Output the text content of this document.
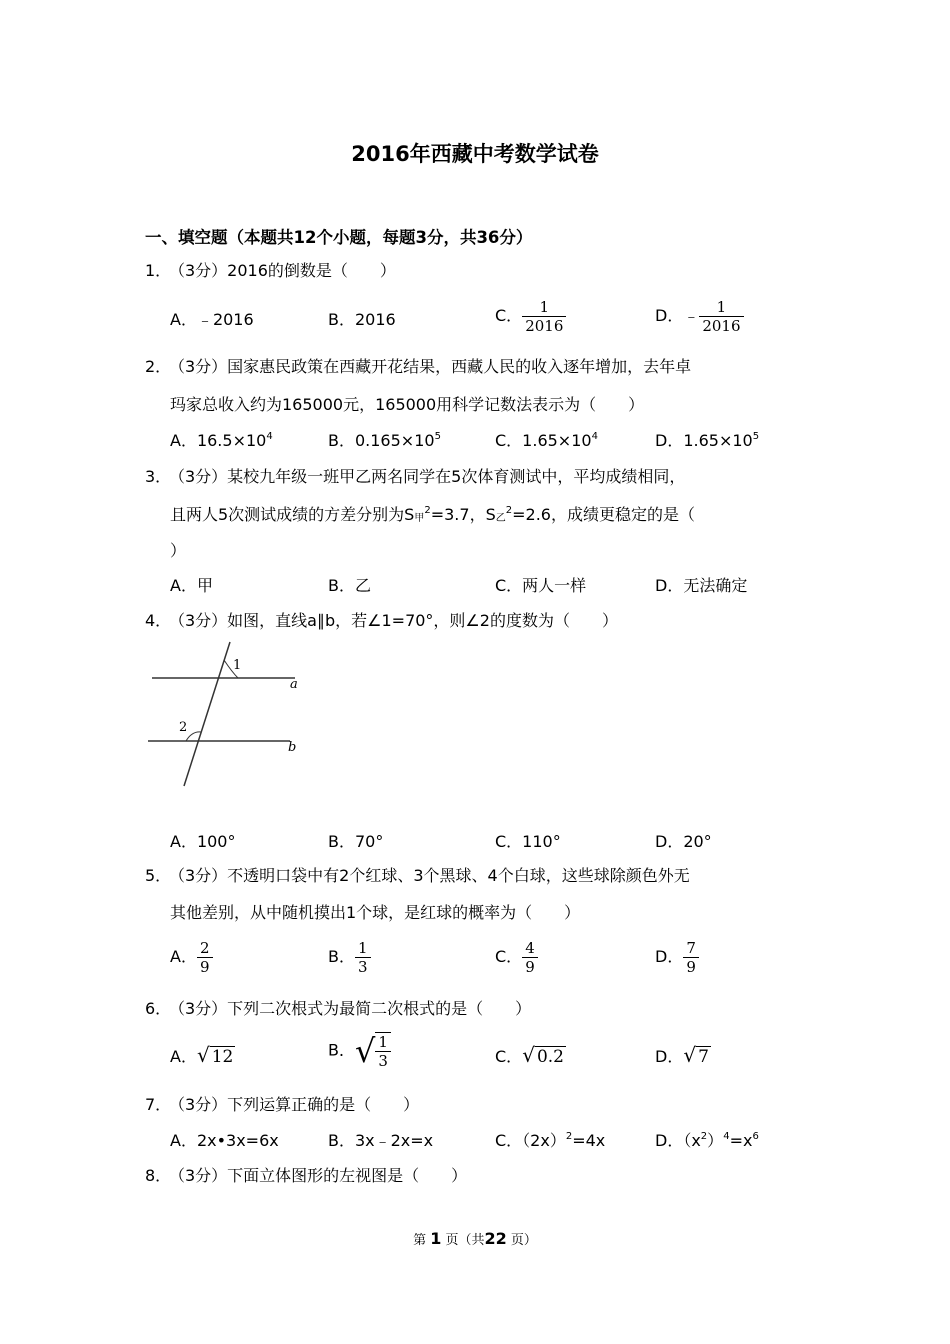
2016年西藏中考数学试卷
一、填空题（本题共12个小题，每题3分，共36分）
1．（3分）2016的倒数是（　　）
A．﹣2016	B．2016	C． $\frac{1}{2016}$	D．﹣ $\frac{1}{2016}$
2．（3分）国家惠民政策在西藏开花结果，西藏人民的收入逐年增加，去年卓
玛家总收入约为165000元，165000用科学记数法表示为（　　）
A．$16.5\times 10^4$	B．$0.165\times 10^5$	C．$1.65\times 10^4$	D．$1.65\times 10^5$
3．（3分）某校九年级一班甲乙两名同学在5次体育测试中，平均成绩相同，
且两人5次测试成绩的方差分别为$S_甲^2=3.7$，$S_乙^2=2.6$，成绩更稳定的是（
）
A．甲	B．乙	C．两人一样	D．无法确定
4．（3分）如图，直线a∥b，若∠1=70°，则∠2的度数为（　　）
1
2
a
b
A．100°	B．70°	C．110°	D．20°
5．（3分）不透明口袋中有2个红球、3个黑球、4个白球，这些球除颜色外无
其他差别，从中随机摸出1个球，是红球的概率为（　　）
A． $\frac{2}{9}$	B． $\frac{1}{3}$	C． $\frac{4}{9}$	D． $\frac{7}{9}$
6．（3分）下列二次根式为最简二次根式的是（　　）
A．√ 12	B． √ $\frac{1}{3}$	C．√ 0.2	D．√ 7
7．（3分）下列运算正确的是（　　）
A．2x•3x=6x	B．3x﹣2x=x	C．$(2x)^2=4x$	D．$(x^2)^4=x^6$
8．（3分）下面立体图形的左视图是（　　）
第 1 页（共22 页）
